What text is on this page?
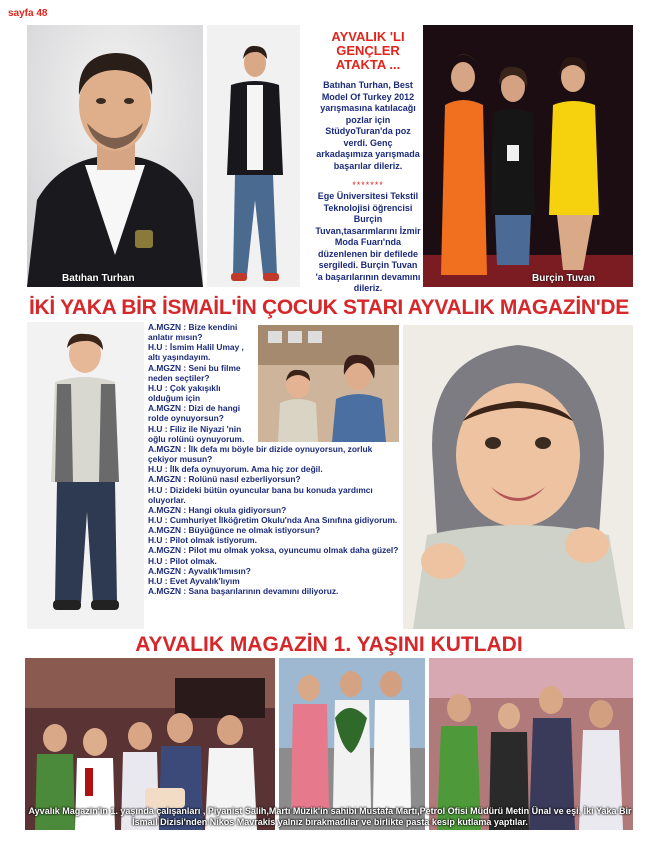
sayfa 48
Batıhan Turhan
AYVALIK 'LI GENÇLER ATAKTA ...
Batıhan Turhan, Best Model Of Turkey 2012 yarışmasına katılacağı pozlar için StüdyoTuran'da poz verdi. Genç arkadaşımıza yarışmada başarılar dileriz.
*******
Ege Üniversitesi Tekstil Teknolojisi öğrencisi Burçin Tuvan,tasarımlarını İzmir Moda Fuarı'nda düzenlenen bir defilede sergiledi. Burçin Tuvan 'a başarılarının devamını dileriz.
Burçin Tuvan
İKİ YAKA BİR İSMAİL'İN ÇOCUK STARI AYVALIK MAGAZİN'DE

A.MGZN : Bize kendini anlatır mısın?

H.U : İsmim Halil Umay , altı yaşındayım.

A.MGZN : Seni bu filme neden seçtiler?

H.U : Çok yakışıklı olduğum için

A.MGZN : Dizi de hangi rolde oynuyorsun?

H.U : Filiz ile Niyazi 'nin oğlu rolünü oynuyorum.

A.MGZN : İlk defa mı böyle bir dizide oynuyorsun, zorluk çekiyor musun?

H.U : İlk defa oynuyorum. Ama hiç zor değil.

A.MGZN : Rolünü nasıl ezberliyorsun?

H.U : Dizideki bütün oyuncular bana bu konuda yardımcı oluyorlar.

A.MGZN : Hangi okula gidiyorsun?

H.U : Cumhuriyet İlköğretim Okulu'nda Ana Sınıfına gidiyorum.

A.MGZN : Büyüğünce ne olmak istiyorsun?

H.U : Pilot olmak istiyorum.

A.MGZN : Pilot mu olmak yoksa, oyuncumu olmak daha güzel?

H.U : Pilot olmak.

A.MGZN : Ayvalık'lımısın?

H.U : Evet Ayvalık'lıyım

A.MGZN : Sana başarılarının devamını diliyoruz.

AYVALIK MAGAZİN 1. YAŞINI KUTLADI
Ayvalık Magazin'in 1. yaşında çalışanları , Piyanist Salih,Martı Müzik'in sahibi Mustafa Martı,Petrol Ofisi Müdürü Metin Ünal ve eşi, İki Yaka Bir İsmail Dizisi'nden Nikos Mavrakis yalnız bırakmadılar ve birlikte pasta kesip kutlama yaptılar.
